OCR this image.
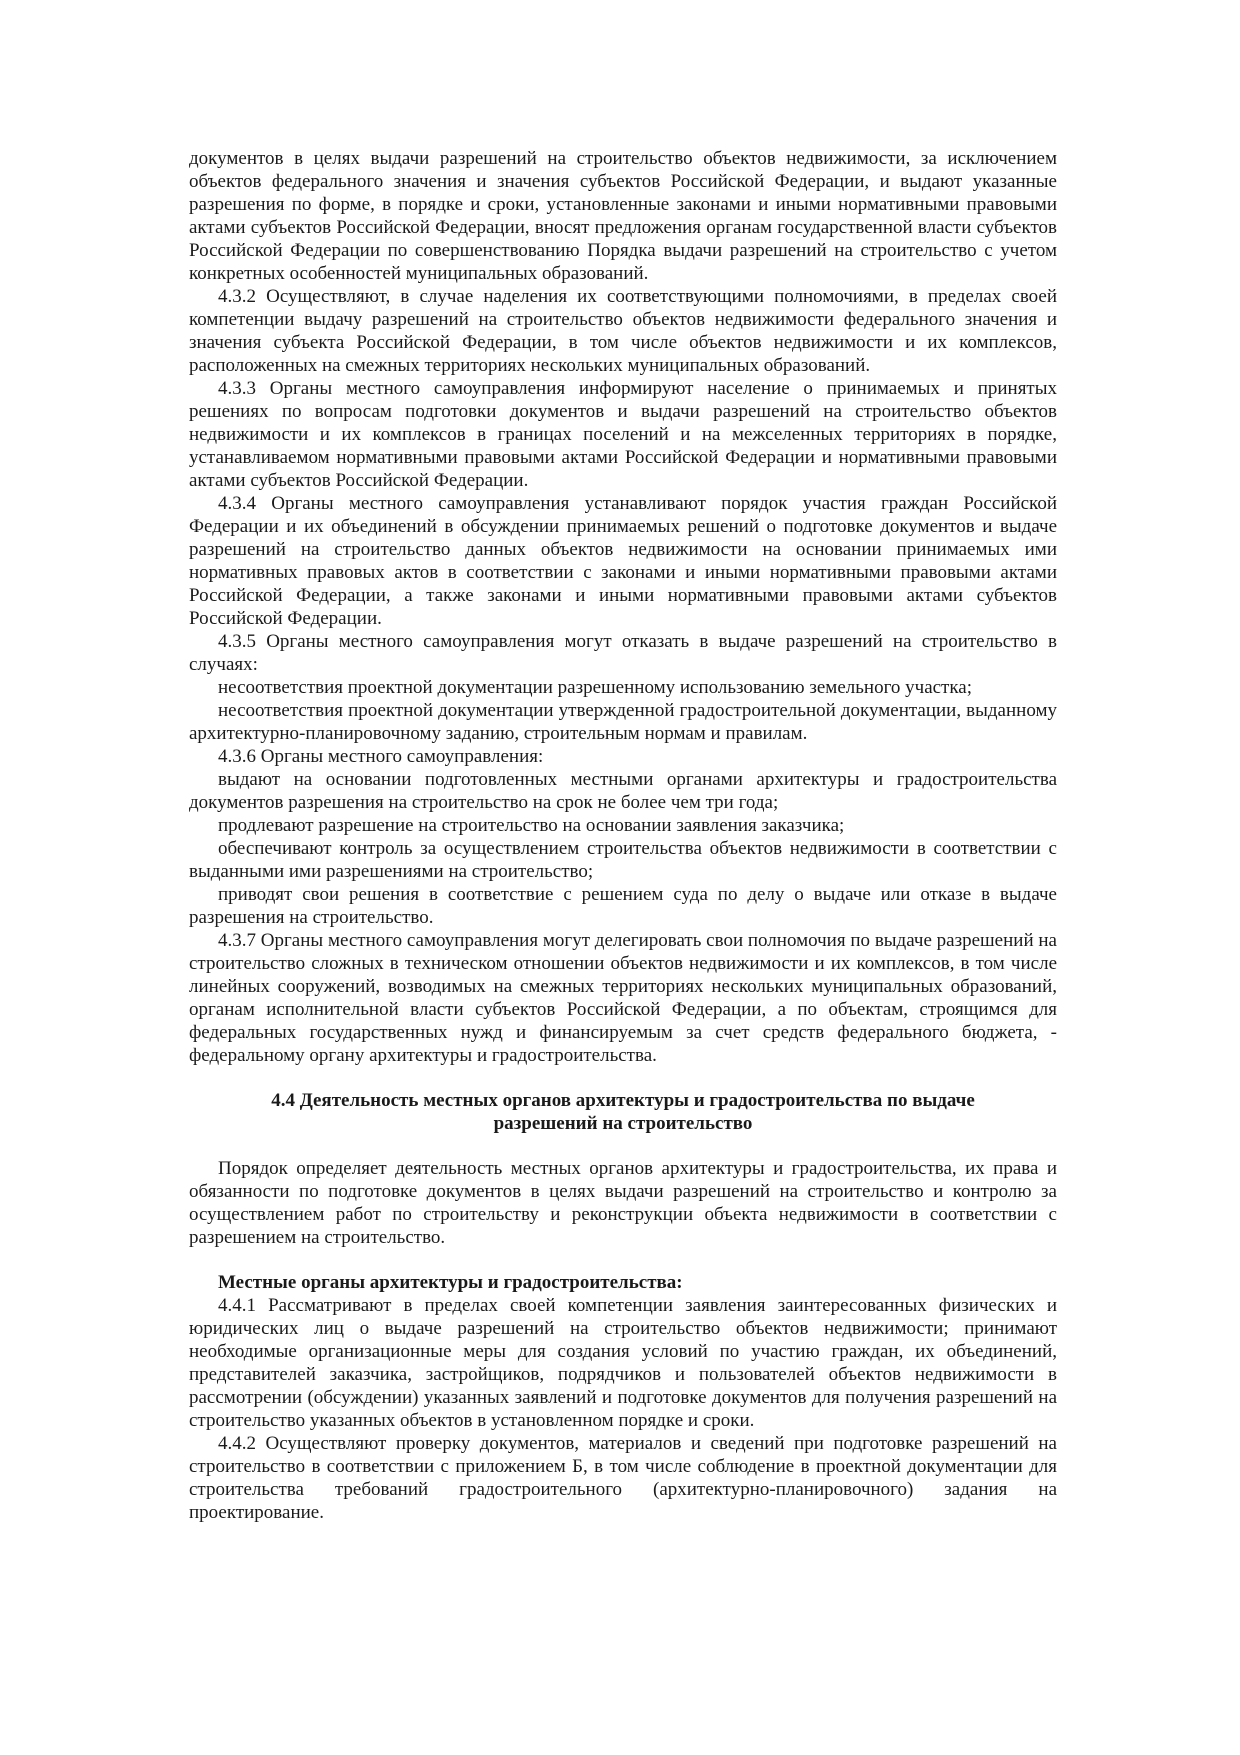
документов в целях выдачи разрешений на строительство объектов недвижимости, за исключением объектов федерального значения и значения субъектов Российской Федерации, и выдают указанные разрешения по форме, в порядке и сроки, установленные законами и иными нормативными правовыми актами субъектов Российской Федерации, вносят предложения органам государственной власти субъектов Российской Федерации по совершенствованию Порядка выдачи разрешений на строительство с учетом конкретных особенностей муниципальных образований.

4.3.2 Осуществляют, в случае наделения их соответствующими полномочиями, в пределах своей компетенции выдачу разрешений на строительство объектов недвижимости федерального значения и значения субъекта Российской Федерации, в том числе объектов недвижимости и их комплексов, расположенных на смежных территориях нескольких муниципальных образований.

4.3.3 Органы местного самоуправления информируют население о принимаемых и принятых решениях по вопросам подготовки документов и выдачи разрешений на строительство объектов недвижимости и их комплексов в границах поселений и на межселенных территориях в порядке, устанавливаемом нормативными правовыми актами Российской Федерации и нормативными правовыми актами субъектов Российской Федерации.

4.3.4 Органы местного самоуправления устанавливают порядок участия граждан Российской Федерации и их объединений в обсуждении принимаемых решений о подготовке документов и выдаче разрешений на строительство данных объектов недвижимости на основании принимаемых ими нормативных правовых актов в соответствии с законами и иными нормативными правовыми актами Российской Федерации, а также законами и иными нормативными правовыми актами субъектов Российской Федерации.

4.3.5 Органы местного самоуправления могут отказать в выдаче разрешений на строительство в случаях:

несоответствия проектной документации разрешенному использованию земельного участка;

несоответствия проектной документации утвержденной градостроительной документации, выданному архитектурно-планировочному заданию, строительным нормам и правилам.

4.3.6 Органы местного самоуправления:

выдают на основании подготовленных местными органами архитектуры и градостроительства документов разрешения на строительство на срок не более чем три года;

продлевают разрешение на строительство на основании заявления заказчика;

обеспечивают контроль за осуществлением строительства объектов недвижимости в соответствии с выданными ими разрешениями на строительство;

приводят свои решения в соответствие с решением суда по делу о выдаче или отказе в выдаче разрешения на строительство.

4.3.7 Органы местного самоуправления могут делегировать свои полномочия по выдаче разрешений на строительство сложных в техническом отношении объектов недвижимости и их комплексов, в том числе линейных сооружений, возводимых на смежных территориях нескольких муниципальных образований, органам исполнительной власти субъектов Российской Федерации, а по объектам, строящимся для федеральных государственных нужд и финансируемым за счет средств федерального бюджета, - федеральному органу архитектуры и градостроительства.

4.4 Деятельность местных органов архитектуры и градостроительства по выдаче разрешений на строительство

Порядок определяет деятельность местных органов архитектуры и градостроительства, их права и обязанности по подготовке документов в целях выдачи разрешений на строительство и контролю за осуществлением работ по строительству и реконструкции объекта недвижимости в соответствии с разрешением на строительство.

Местные органы архитектуры и градостроительства:

4.4.1 Рассматривают в пределах своей компетенции заявления заинтересованных физических и юридических лиц о выдаче разрешений на строительство объектов недвижимости; принимают необходимые организационные меры для создания условий по участию граждан, их объединений, представителей заказчика, застройщиков, подрядчиков и пользователей объектов недвижимости в рассмотрении (обсуждении) указанных заявлений и подготовке документов для получения разрешений на строительство указанных объектов в установленном порядке и сроки.

4.4.2 Осуществляют проверку документов, материалов и сведений при подготовке разрешений на строительство в соответствии с приложением Б, в том числе соблюдение в проектной документации для строительства требований градостроительного (архитектурно-планировочного) задания на проектирование.
